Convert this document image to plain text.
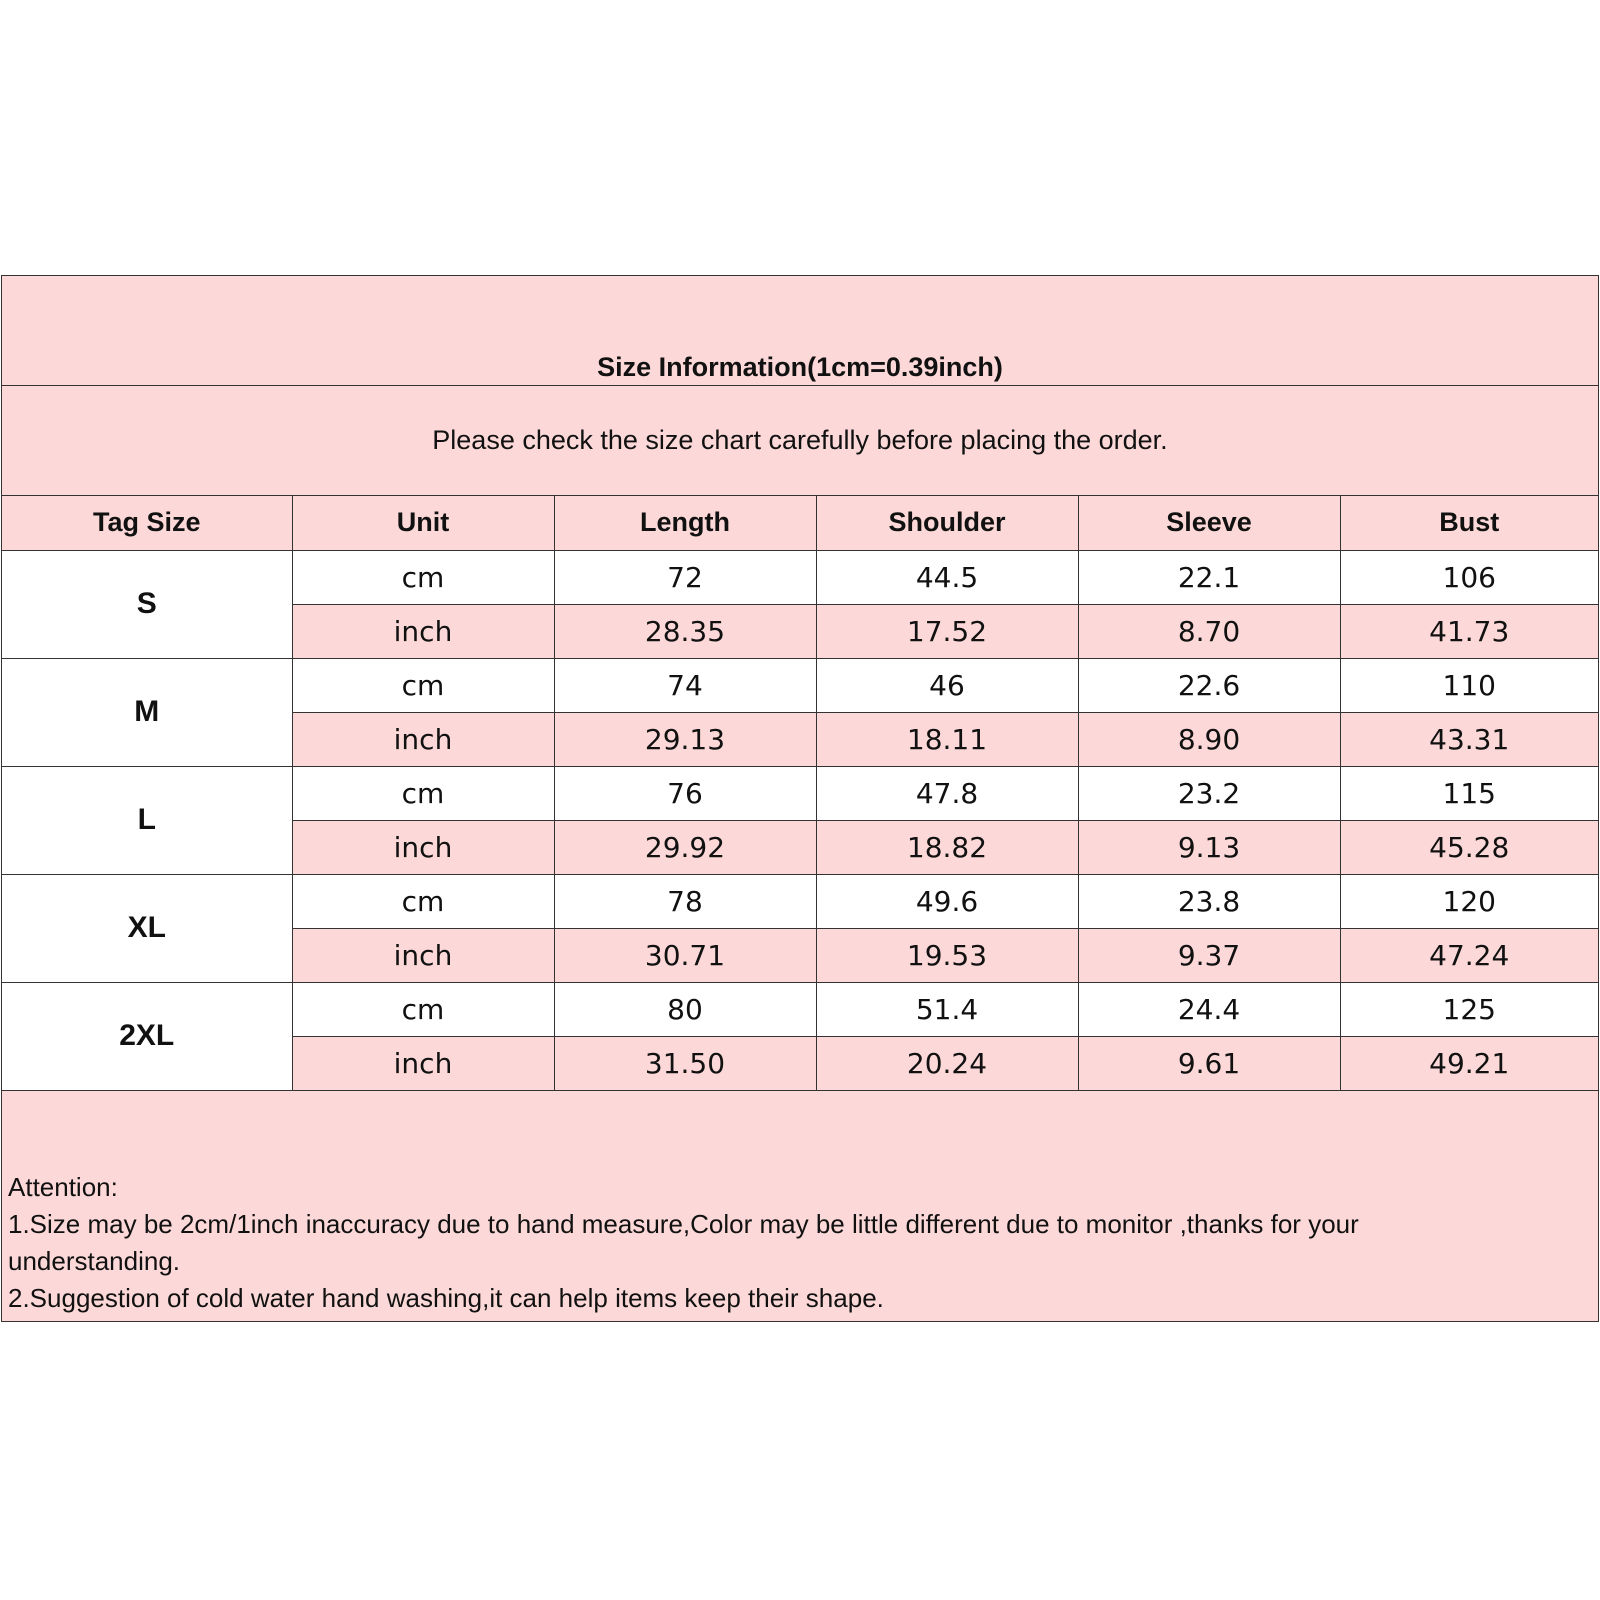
Size Information(1cm=0.39inch)
Please check the size chart carefully before placing the order.
Tag Size	Unit	Length	Shoulder	Sleeve	Bust
S	cm	72	44.5	22.1	106
	inch	28.35	17.52	8.70	41.73
M	cm	74	46	22.6	110
	inch	29.13	18.11	8.90	43.31
L	cm	76	47.8	23.2	115
	inch	29.92	18.82	9.13	45.28
XL	cm	78	49.6	23.8	120
	inch	30.71	19.53	9.37	47.24
2XL	cm	80	51.4	24.4	125
	inch	31.50	20.24	9.61	49.21
Attention:
1.Size may be 2cm/1inch inaccuracy due to hand measure,Color may be little different due to monitor ,thanks for your understanding.
2.Suggestion of cold water hand washing,it can help items keep their shape.
